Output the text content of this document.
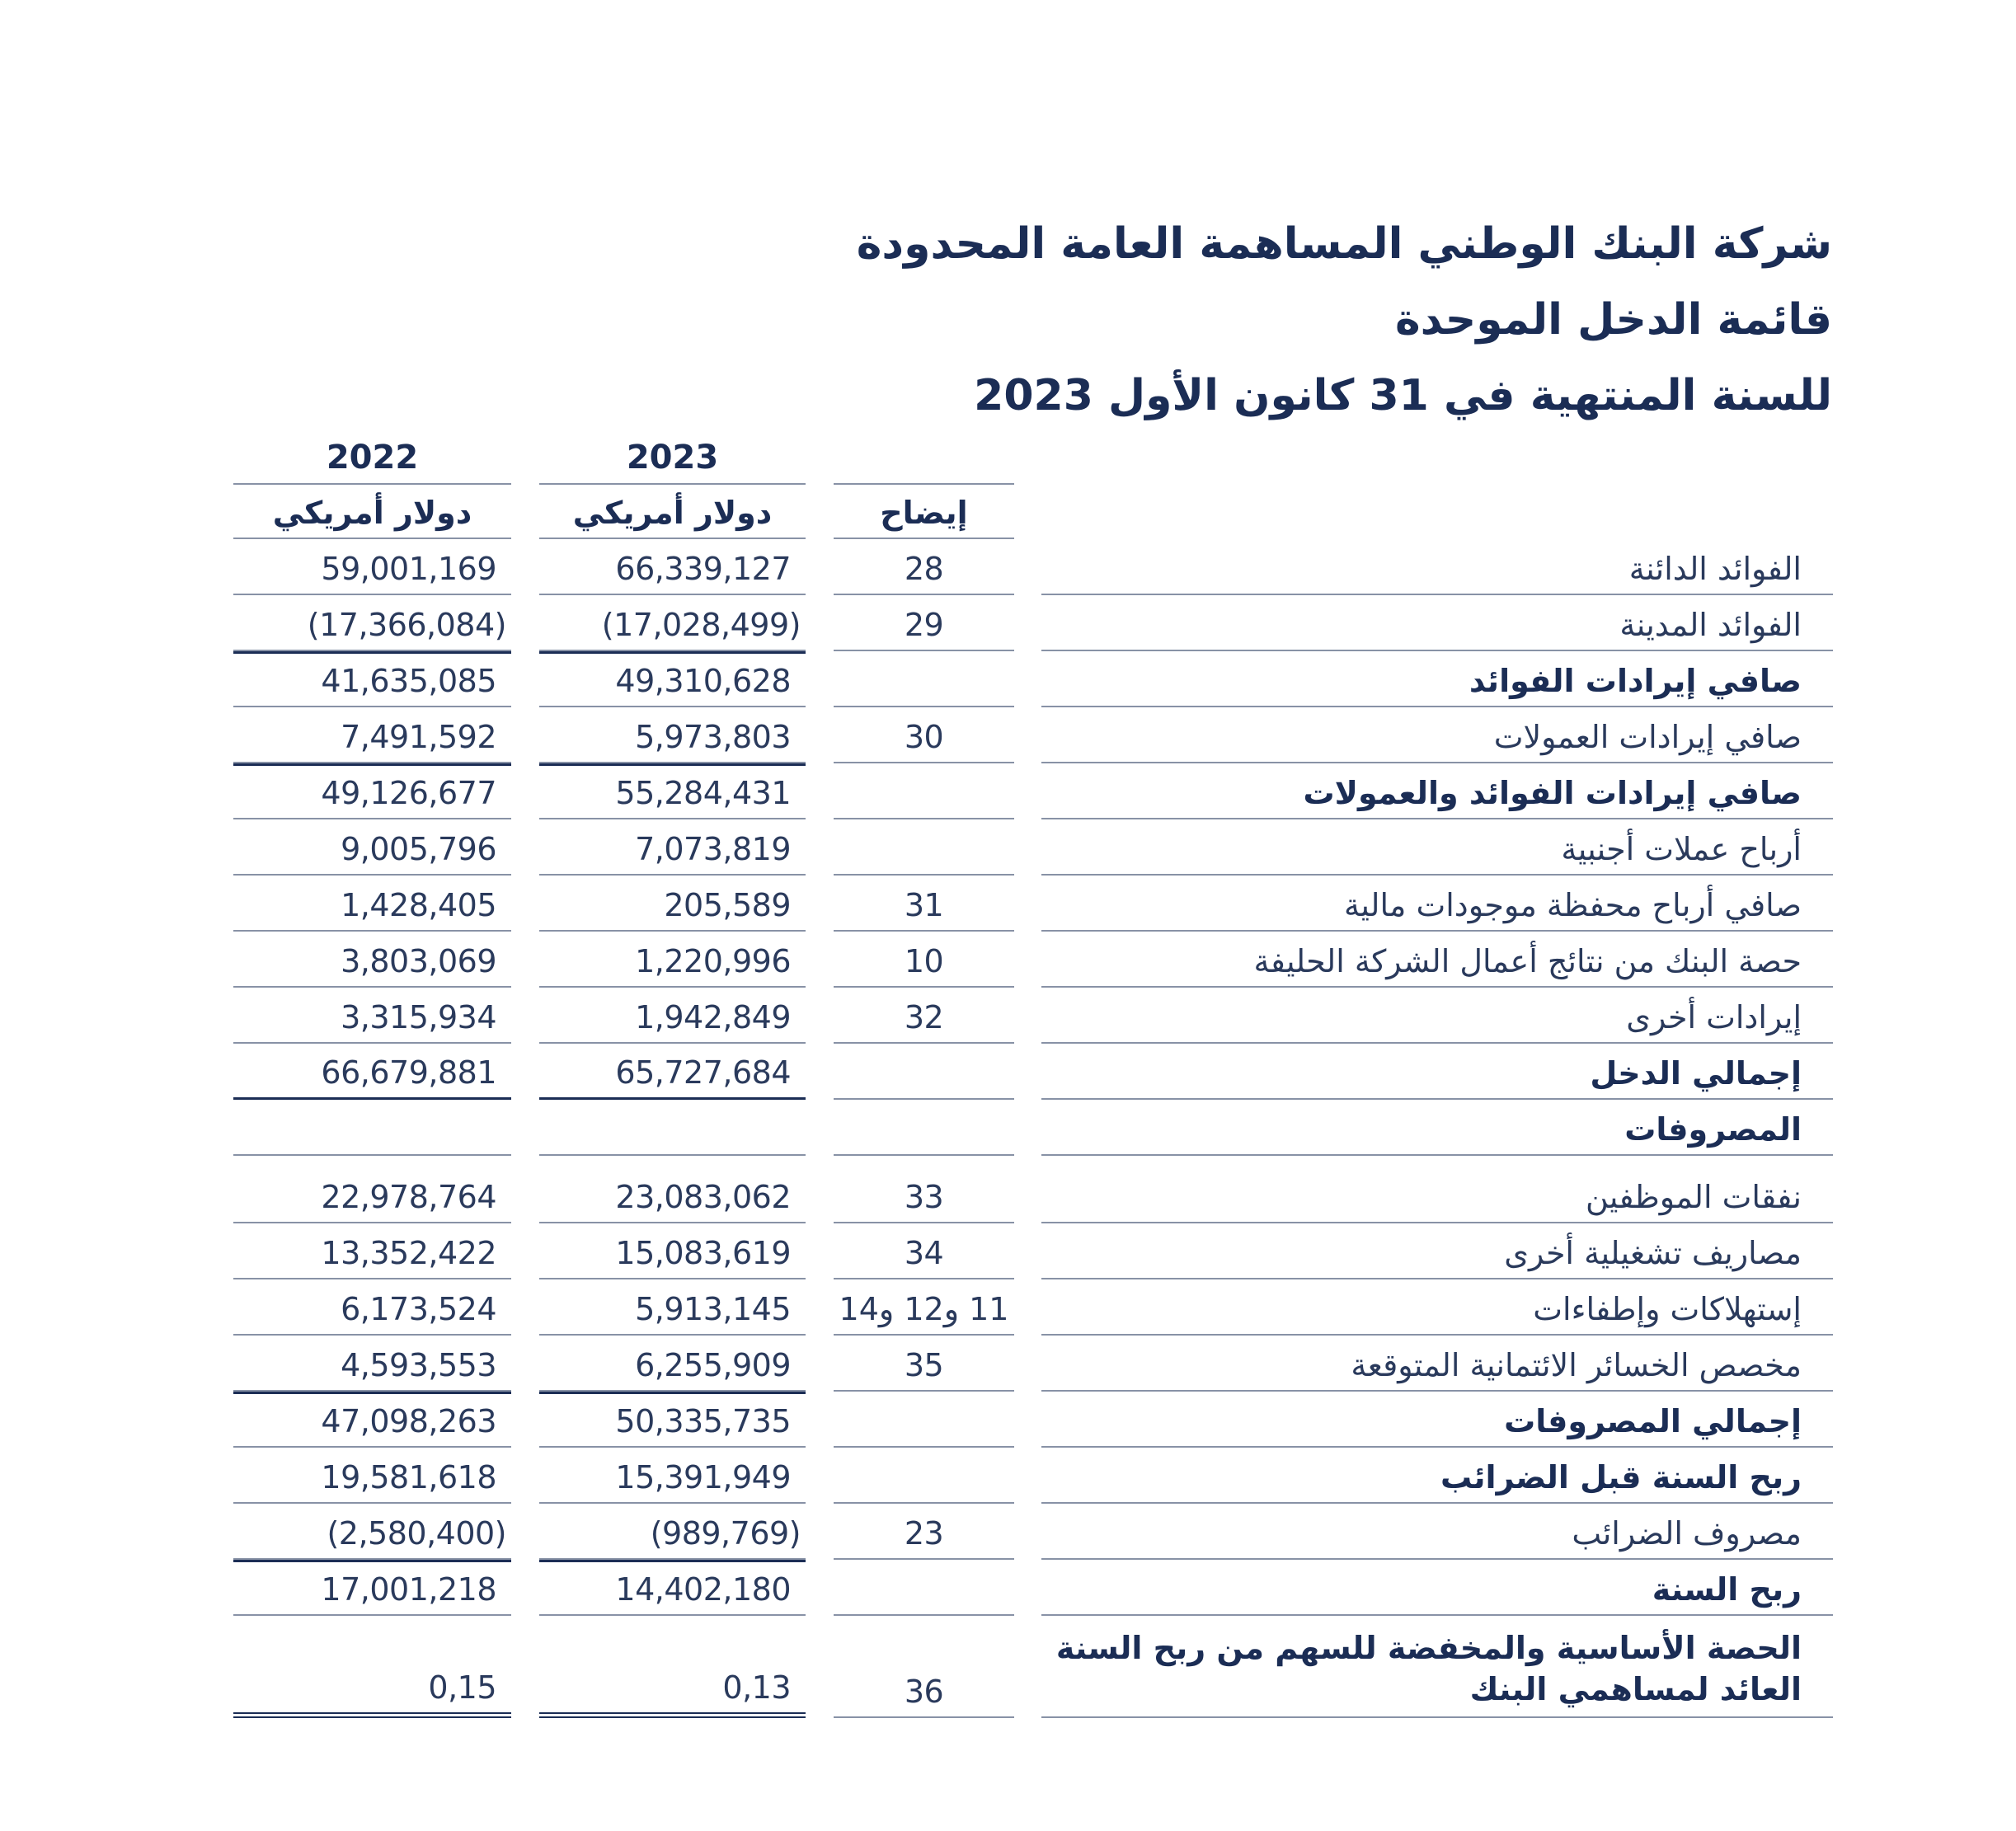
شركة البنك الوطني المساهمة العامة المحدودة
قائمة الدخل الموحدة
للسنة المنتهية في 31 كانون الأول 2023
2023
2022
إيضاح
دولار أمريكي
دولار أمريكي
الفوائد الدائنة
28
66,339,127
59,001,169
الفوائد المدينة
29
(17,028,499)
(17,366,084)
صافي إيرادات الفوائد
49,310,628
41,635,085
صافي إيرادات العمولات
30
5,973,803
7,491,592
صافي إيرادات الفوائد والعمولات
55,284,431
49,126,677
أرباح عملات أجنبية
7,073,819
9,005,796
صافي أرباح محفظة موجودات مالية
31
205,589
1,428,405
حصة البنك من نتائج أعمال الشركة الحليفة
10
1,220,996
3,803,069
إيرادات أخرى
32
1,942,849
3,315,934
إجمالي الدخل
65,727,684
66,679,881
المصروفات
نفقات الموظفين
33
23,083,062
22,978,764
مصاريف تشغيلية أخرى
34
15,083,619
13,352,422
إستهلاكات وإطفاءات
11 و12 و14
5,913,145
6,173,524
مخصص الخسائر الائتمانية المتوقعة
35
6,255,909
4,593,553
إجمالي المصروفات
50,335,735
47,098,263
ربح السنة قبل الضرائب
15,391,949
19,581,618
مصروف الضرائب
23
(989,769)
(2,580,400)
ربح السنة
14,402,180
17,001,218
الحصة الأساسية والمخفضة للسهم من ربح السنة
العائد لمساهمي البنك
36
0,13
0,15
